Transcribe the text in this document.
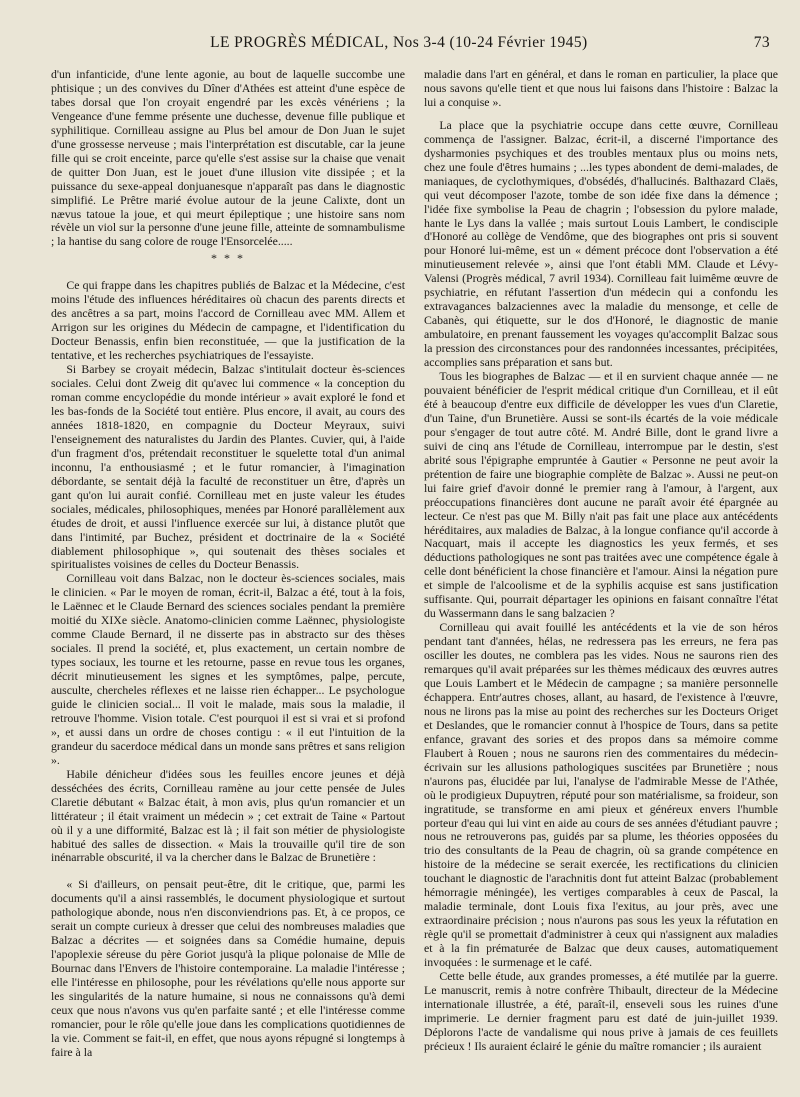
LE PROGRÈS MÉDICAL, Nos 3-4 (10-24 Février 1945)	73

d'un infanticide, d'une lente agonie, au bout de laquelle succombe une phtisique ; un des convives du Dîner d'Athées est atteint d'une espèce de tabes dorsal que l'on croyait engendré par les excès vénériens ; la Vengeance d'une femme présente une duchesse, devenue fille publique et syphilitique. Cornilleau assigne au Plus bel amour de Don Juan le sujet d'une grossesse nerveuse ; mais l'interprétation est discutable, car la jeune fille qui se croit enceinte, parce qu'elle s'est assise sur la chaise que venait de quitter Don Juan, est le jouet d'une illusion vite dissipée ; et la puissance du sexe-appeal donjuanesque n'apparaît pas dans le diagnostic simplifié. Le Prêtre marié évolue autour de la jeune Calixte, dont un nævus tatoue la joue, et qui meurt épileptique ; une histoire sans nom révèle un viol sur la personne d'une jeune fille, atteinte de somnambulisme ; la hantise du sang colore de rouge l'Ensorcelée.....

* * *

Ce qui frappe dans les chapitres publiés de Balzac et la Médecine, c'est moins l'étude des influences héréditaires où chacun des parents directs et des ancêtres a sa part, moins l'accord de Cornilleau avec MM. Allem et Arrigon sur les origines du Médecin de campagne, et l'identification du Docteur Benassis, enfin bien reconstituée, — que la justification de la tentative, et les recherches psychiatriques de l'essayiste.

Si Barbey se croyait médecin, Balzac s'intitulait docteur ès-sciences sociales. Celui dont Zweig dit qu'avec lui commence « la conception du roman comme encyclopédie du monde intérieur » avait exploré le fond et les bas-fonds de la Société tout entière. Plus encore, il avait, au cours des années 1818-1820, en compagnie du Docteur Meyraux, suivi l'enseignement des naturalistes du Jardin des Plantes. Cuvier, qui, à l'aide d'un fragment d'os, prétendait reconstituer le squelette total d'un animal inconnu, l'a enthousiasmé ; et le futur romancier, à l'imagination débordante, se sentait déjà la faculté de reconstituer un être, d'après un gant qu'on lui aurait confié. Cornilleau met en juste valeur les études sociales, médicales, philosophiques, menées par Honoré parallèlement aux études de droit, et aussi l'influence exercée sur lui, à distance plutôt que dans l'intimité, par Buchez, président et doctrinaire de la « Société diablement philosophique », qui soutenait des thèses sociales et spiritualistes voisines de celles du Docteur Benassis.

Cornilleau voit dans Balzac, non le docteur ès-sciences sociales, mais le clinicien. « Par le moyen de roman, écrit-il, Balzac a été, tout à la fois, le Laënnec et le Claude Bernard des sciences sociales pendant la première moitié du XIXe siècle. Anatomo-clinicien comme Laënnec, physiologiste comme Claude Bernard, il ne disserte pas in abstracto sur des thèses sociales. Il prend la société, et, plus exactement, un certain nombre de types sociaux, les tourne et les retourne, passe en revue tous les organes, décrit minutieusement les signes et les symptômes, palpe, percute, ausculte, chercheles réflexes et ne laisse rien échapper... Le psychologue guide le clinicien social... Il voit le malade, mais sous la maladie, il retrouve l'homme. Vision totale. C'est pourquoi il est si vrai et si profond », et aussi dans un ordre de choses contigu : « il eut l'intuition de la grandeur du sacerdoce médical dans un monde sans prêtres et sans religion ».

Habile dénicheur d'idées sous les feuilles encore jeunes et déjà desséchées des écrits, Cornilleau ramène au jour cette pensée de Jules Claretie débutant « Balzac était, à mon avis, plus qu'un romancier et un littérateur ; il était vraiment un médecin » ; cet extrait de Taine « Partout où il y a une difformité, Balzac est là ; il fait son métier de physiologiste habitué des salles de dissection. « Mais la trouvaille qu'il tire de son inénarrable obscurité, il va la chercher dans le Balzac de Brunetière :

« Si d'ailleurs, on pensait peut-être, dit le critique, que, parmi les documents qu'il a ainsi rassemblés, le document physiologique et surtout pathologique abonde, nous n'en disconviendrions pas. Et, à ce propos, ce serait un compte curieux à dresser que celui des nombreuses maladies que Balzac a décrites — et soignées dans sa Comédie humaine, depuis l'apoplexie séreuse du père Goriot jusqu'à la plique polonaise de Mlle de Bournac dans l'Envers de l'histoire contemporaine. La maladie l'intéresse ; elle l'intéresse en philosophe, pour les révélations qu'elle nous apporte sur les singularités de la nature humaine, si nous ne connaissons qu'à demi ceux que nous n'avons vus qu'en parfaite santé ; et elle l'intéresse comme romancier, pour le rôle qu'elle joue dans les complications quotidiennes de la vie. Comment se fait-il, en effet, que nous ayons répugné si longtemps à faire à la

maladie dans l'art en général, et dans le roman en particulier, la place que nous savons qu'elle tient et que nous lui faisons dans l'histoire : Balzac la lui a conquise ».

La place que la psychiatrie occupe dans cette œuvre, Cornilleau commença de l'assigner. Balzac, écrit-il, a discerné l'importance des dysharmonies psychiques et des troubles mentaux plus ou moins nets, chez une foule d'êtres humains ; ...les types abondent de demi-malades, de maniaques, de cyclothymiques, d'obsédés, d'hallucinés. Balthazard Claës, qui veut décomposer l'azote, tombe de son idée fixe dans la démence ; l'idée fixe symbolise la Peau de chagrin ; l'obsession du pylore malade, hante le Lys dans la vallée ; mais surtout Louis Lambert, le condisciple d'Honoré au collège de Vendôme, que des biographes ont pris si souvent pour Honoré lui-même, est un « dément précoce dont l'observation a été minutieusement relevée », ainsi que l'ont établi MM. Claude et Lévy-Valensi (Progrès médical, 7 avril 1934). Cornilleau fait luimême œuvre de psychiatrie, en réfutant l'assertion d'un médecin qui a confondu les extravagances balzaciennes avec la maladie du mensonge, et celle de Cabanès, qui étiquette, sur le dos d'Honoré, le diagnostic de manie ambulatoire, en prenant faussement les voyages qu'accomplit Balzac sous la pression des circonstances pour des randonnées incessantes, précipitées, accomplies sans préparation et sans but.

Tous les biographes de Balzac — et il en survient chaque année — ne pouvaient bénéficier de l'esprit médical critique d'un Cornilleau, et il eût été à beaucoup d'entre eux difficile de développer les vues d'un Claretie, d'un Taine, d'un Brunetière. Aussi se sont-ils écartés de la voie médicale pour s'engager de tout autre côté. M. André Bille, dont le grand livre a suivi de cinq ans l'étude de Cornilleau, interrompue par le destin, s'est abrité sous l'épigraphe empruntée à Gautier « Personne ne peut avoir la prétention de faire une biographie complète de Balzac ». Aussi ne peut-on lui faire grief d'avoir donné le premier rang à l'amour, à l'argent, aux préoccupations financières dont aucune ne paraît avoir été épargnée au lecteur. Ce n'est pas que M. Billy n'ait pas fait une place aux antécédents héréditaires, aux maladies de Balzac, à la longue confiance qu'il accorde à Nacquart, mais il accepte les diagnostics les yeux fermés, et ses déductions pathologiques ne sont pas traitées avec une compétence égale à celle dont bénéficient la chose financière et l'amour. Ainsi la négation pure et simple de l'alcoolisme et de la syphilis acquise est sans justification suffisante. Qui, pourrait départager les opinions en faisant connaître l'état du Wassermann dans le sang balzacien ?

Cornilleau qui avait fouillé les antécédents et la vie de son héros pendant tant d'années, hélas, ne redressera pas les erreurs, ne fera pas osciller les doutes, ne comblera pas les vides. Nous ne saurons rien des remarques qu'il avait préparées sur les thèmes médicaux des œuvres autres que Louis Lambert et le Médecin de campagne ; sa manière personnelle échappera. Entr'autres choses, allant, au hasard, de l'existence à l'œuvre, nous ne lirons pas la mise au point des recherches sur les Docteurs Origet et Deslandes, que le romancier connut à l'hospice de Tours, dans sa petite enfance, gravant des sories et des propos dans sa mémoire comme Flaubert à Rouen ; nous ne saurons rien des commentaires du médecin-écrivain sur les allusions pathologiques suscitées par Brunetière ; nous n'aurons pas, élucidée par lui, l'analyse de l'admirable Messe de l'Athée, où le prodigieux Dupuytren, réputé pour son matérialisme, sa froideur, son ingratitude, se transforme en ami pieux et généreux envers l'humble porteur d'eau qui lui vint en aide au cours de ses années d'étudiant pauvre ; nous ne retrouverons pas, guidés par sa plume, les théories opposées du trio des consultants de la Peau de chagrin, où sa grande compétence en histoire de la médecine se serait exercée, les rectifications du clinicien touchant le diagnostic de l'arachnitis dont fut atteint Balzac (probablement hémorragie méningée), les vertiges comparables à ceux de Pascal, la maladie terminale, dont Louis fixa l'exitus, au jour près, avec une extraordinaire précision ; nous n'aurons pas sous les yeux la réfutation en règle qu'il se promettait d'administrer à ceux qui n'assignent aux maladies et à la fin prématurée de Balzac que deux causes, automatiquement invoquées : le surmenage et le café.

Cette belle étude, aux grandes promesses, a été mutilée par la guerre. Le manuscrit, remis à notre confrère Thibault, directeur de la Médecine internationale illustrée, a été, paraît-il, enseveli sous les ruines d'une imprimerie. Le dernier fragment paru est daté de juin-juillet 1939. Déplorons l'acte de vandalisme qui nous prive à jamais de ces feuillets précieux ! Ils auraient éclairé le génie du maître romancier ; ils auraient
